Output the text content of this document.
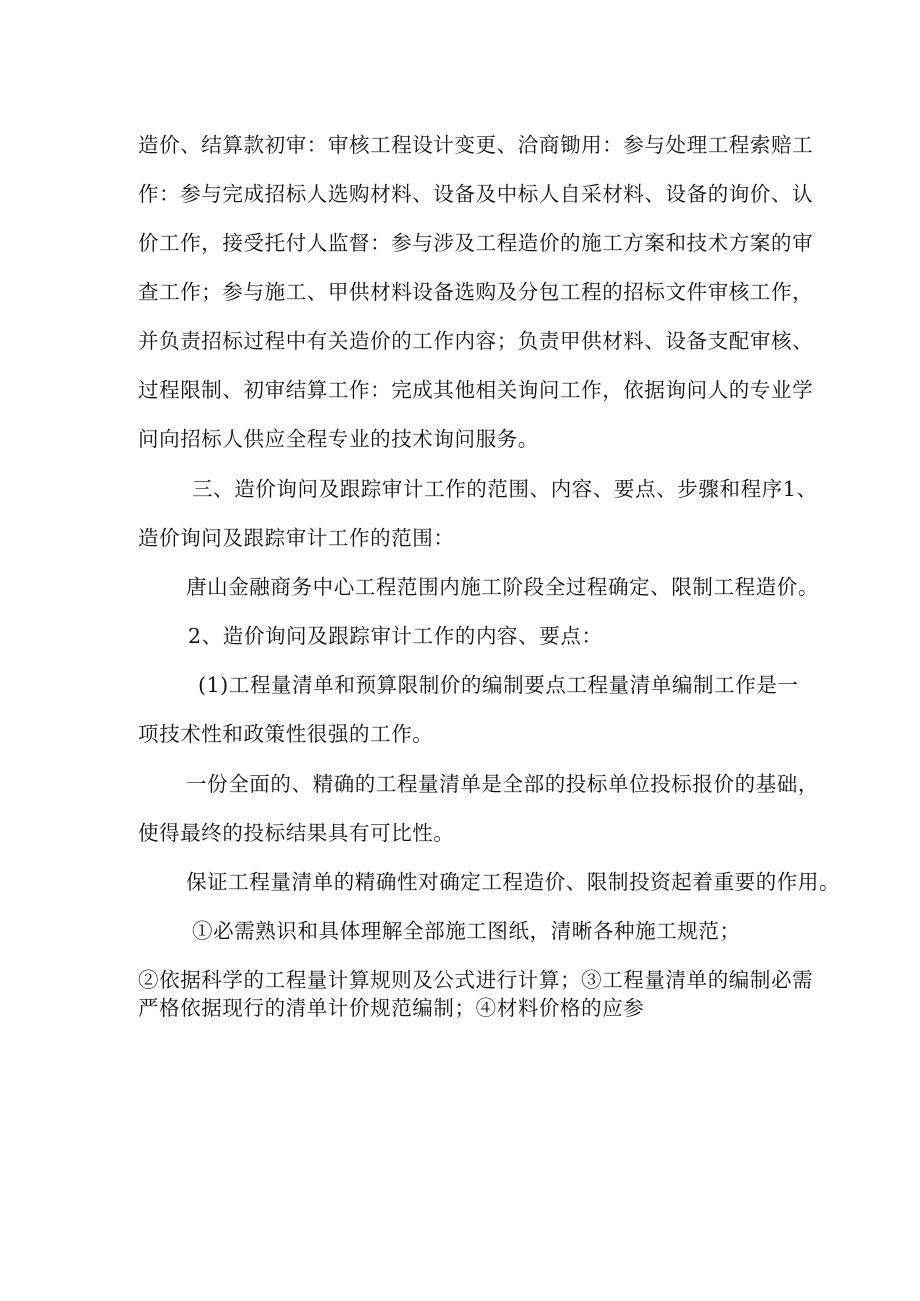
造价、结算款初审：审核工程设计变更、洽商锄用：参与处理工程索赔工

作：参与完成招标人选购材料、设备及中标人自采材料、设备的询价、认

价工作，接受托付人监督：参与涉及工程造价的施工方案和技术方案的审

查工作；参与施工、甲供材料设备选购及分包工程的招标文件审核工作，

并负责招标过程中有关造价的工作内容；负责甲供材料、设备支配审核、

过程限制、初审结算工作：完成其他相关询问工作，依据询问人的专业学

问向招标人供应全程专业的技术询问服务。

三、造价询问及跟踪审计工作的范围、内容、要点、步骤和程序1、

造价询问及跟踪审计工作的范围：

唐山金融商务中心工程范围内施工阶段全过程确定、限制工程造价。

2、造价询问及跟踪审计工作的内容、要点：

(1)工程量清单和预算限制价的编制要点工程量清单编制工作是一

项技术性和政策性很强的工作。

一份全面的、精确的工程量清单是全部的投标单位投标报价的基础，

使得最终的投标结果具有可比性。

保证工程量清单的精确性对确定工程造价、限制投资起着重要的作用。

①必需熟识和具体理解全部施工图纸，清晰各种施工规范；

②依据科学的工程量计算规则及公式进行计算；③工程量清单的编制必需

严格依据现行的清单计价规范编制；④材料价格的应参
